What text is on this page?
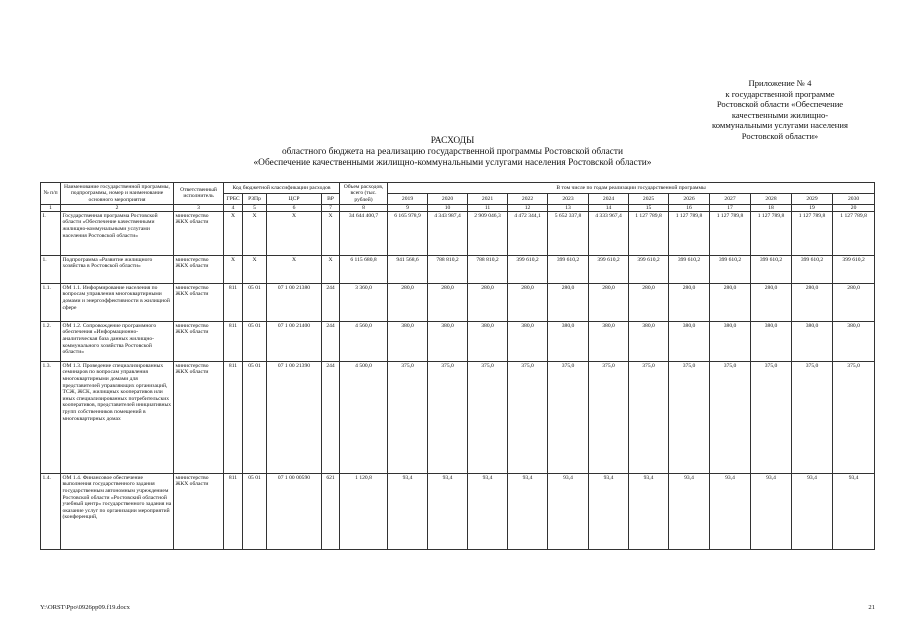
Приложение № 4
к государственной программе
Ростовской области «Обеспечение
качественными жилищно-
коммунальными услугами населения
Ростовской области»
РАСХОДЫ
областного бюджета на реализацию государственной программы Ростовской области
«Обеспечение качественными жилищно-коммунальными услугами населения Ростовской области»
№ п/п	Наименование государственной программы, подпрограммы, номер и наименование основного мероприятия	Ответственный исполнитель	Код бюджетной классификации расходов				Объем расходов, всего (тыс. рублей)	В том числе по годам реализации государственной программы											
			ГРБС	РЗПр	ЦСР	ВР		2019	2020	2021	2022	2023	2024	2025	2026	2027	2028	2029	2030
1	2	3	4	5	6	7	8	9	10	11	12	13	14	15	16	17	18	19	20
I.	Государственная программа Ростовской области «Обеспечение качественными жилищно-коммунальными услугами населения Ростовской области»	министерство ЖКХ области	X	X	X	X	34 644 400,7	6 165 978,9	4 343 987,4	2 909 046,3	4 472 344,1	5 652 337,8	4 333 967,4	1 127 789,8	1 127 789,8	1 127 789,8	1 127 789,8	1 127 789,8	1 127 789,8
1.	Подпрограмма «Развитие жилищного хозяйства в Ростовской области»	министерство ЖКХ области	X	X	X	X	6 115 680,8	941 568,6	788 810,2	788 810,2	399 610,2	399 610,2	399 610,2	399 610,2	399 610,2	399 610,2	399 610,2	399 610,2	399 610,2
1.1.	ОМ 1.1. Информирование населения по вопросам управления многоквартирными домами и энергоэффективности в жилищной сфере	министерство ЖКХ области	811	05 01	07 1 00 21380	244	3 360,0	280,0	280,0	280,0	280,0	280,0	280,0	280,0	280,0	280,0	280,0	280,0	280,0
1.2.	ОМ 1.2. Сопровождение программного обеспечения «Информационно-аналитическая база данных жилищно-коммунального хозяйства Ростовской области»	министерство ЖКХ области	811	05 01	07 1 00 21400	244	4 560,0	380,0	380,0	380,0	380,0	380,0	380,0	380,0	380,0	380,0	380,0	380,0	380,0
1.3.	ОМ 1.3. Проведение специализированных семинаров по вопросам управления многоквартирными домами для представителей управляющих организаций, ТСЖ, ЖСК, жилищных кооперативов или иных специализированных потребительских кооперативов, представителей инициативных групп собственников помещений в многоквартирных домах	министерство ЖКХ области	811	05 01	07 1 00 21390	244	4 500,0	375,0	375,0	375,0	375,0	375,0	375,0	375,0	375,0	375,0	375,0	375,0	375,0
1.4.	ОМ 1.4. Финансовое обеспечение выполнения государственного задания государственным автономным учреждением Ростовской области «Ростовский областной учебный центр» государственного задания на оказание услуг по организации мероприятий (конференций,	министерство ЖКХ области	811	05 01	07 1 00 00590	621	1 120,8	93,4	93,4	93,4	93,4	93,4	93,4	93,4	93,4	93,4	93,4	93,4	93,4
Y:\ORST\Ppo\0926pp09.f19.docx	21
